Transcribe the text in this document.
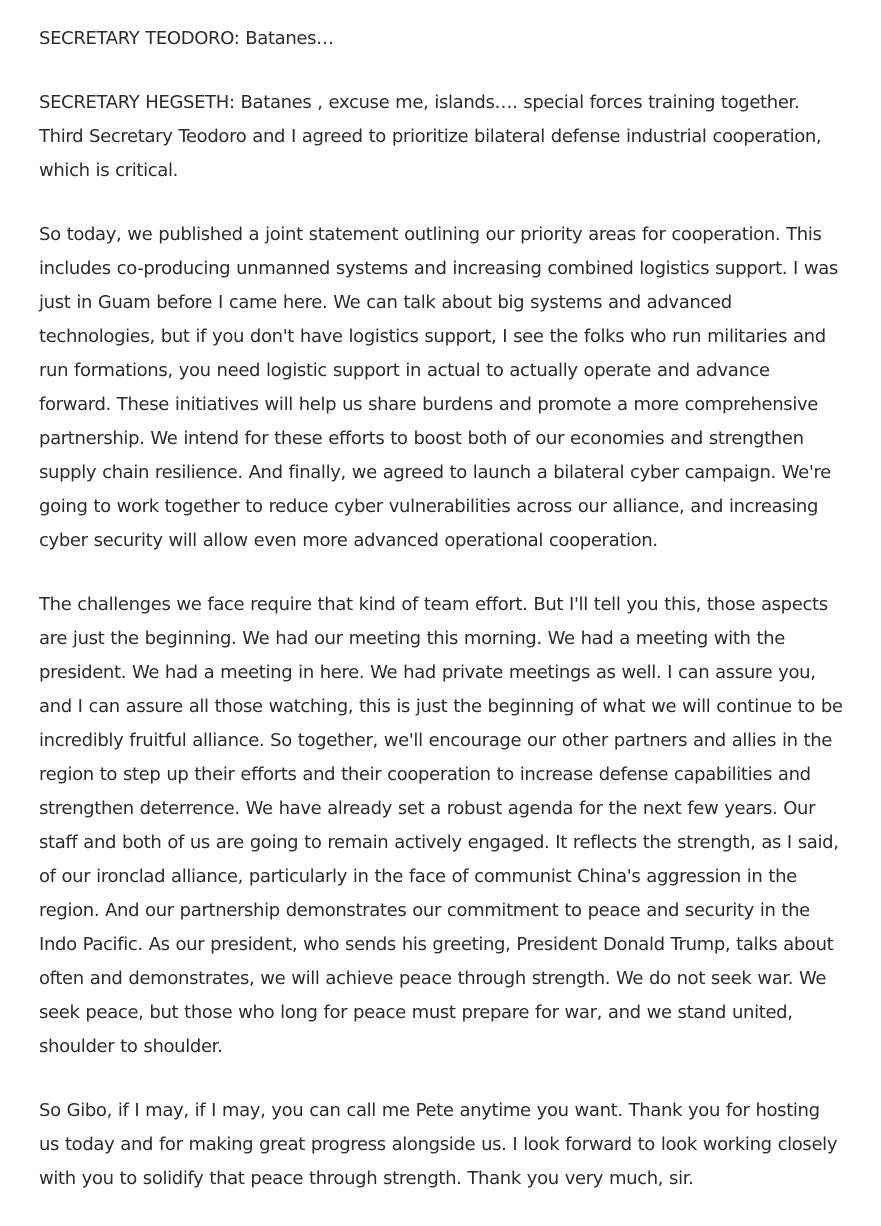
SECRETARY TEODORO: Batanes…

SECRETARY HEGSETH: Batanes , excuse me, islands…. special forces training together. Third Secretary Teodoro and I agreed to prioritize bilateral defense industrial cooperation, which is critical.

So today, we published a joint statement outlining our priority areas for cooperation. This includes co-producing unmanned systems and increasing combined logistics support. I was just in Guam before I came here. We can talk about big systems and advanced technologies, but if you don't have logistics support, I see the folks who run militaries and run formations, you need logistic support in actual to actually operate and advance forward. These initiatives will help us share burdens and promote a more comprehensive partnership. We intend for these efforts to boost both of our economies and strengthen supply chain resilience. And finally, we agreed to launch a bilateral cyber campaign. We're going to work together to reduce cyber vulnerabilities across our alliance, and increasing cyber security will allow even more advanced operational cooperation.

The challenges we face require that kind of team effort. But I'll tell you this, those aspects are just the beginning. We had our meeting this morning. We had a meeting with the president. We had a meeting in here. We had private meetings as well. I can assure you, and I can assure all those watching, this is just the beginning of what we will continue to be incredibly fruitful alliance. So together, we'll encourage our other partners and allies in the region to step up their efforts and their cooperation to increase defense capabilities and strengthen deterrence. We have already set a robust agenda for the next few years. Our staff and both of us are going to remain actively engaged. It reflects the strength, as I said, of our ironclad alliance, particularly in the face of communist China's aggression in the region. And our partnership demonstrates our commitment to peace and security in the Indo Pacific. As our president, who sends his greeting, President Donald Trump, talks about often and demonstrates, we will achieve peace through strength. We do not seek war. We seek peace, but those who long for peace must prepare for war, and we stand united, shoulder to shoulder.

So Gibo, if I may, if I may, you can call me Pete anytime you want. Thank you for hosting us today and for making great progress alongside us. I look forward to look working closely with you to solidify that peace through strength. Thank you very much, sir.
